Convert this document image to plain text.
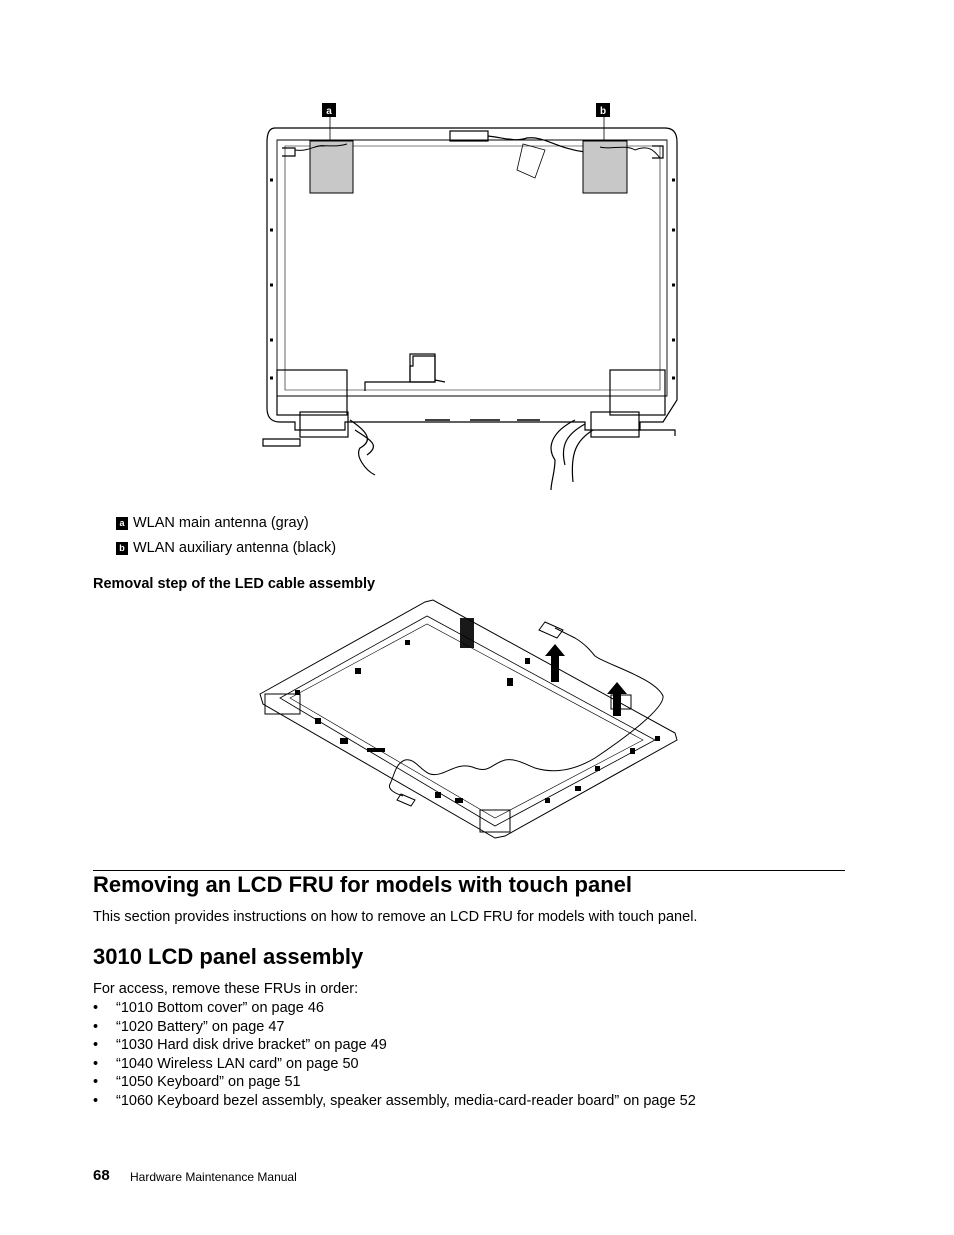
a	b
a WLAN main antenna (gray)
b WLAN auxiliary antenna (black)
Removal step of the LED cable assembly
Removing an LCD FRU for models with touch panel
This section provides instructions on how to remove an LCD FRU for models with touch panel.
3010 LCD panel assembly
For access, remove these FRUs in order:
• “1010 Bottom cover” on page 46
• “1020 Battery” on page 47
• “1030 Hard disk drive bracket” on page 49
• “1040 Wireless LAN card” on page 50
• “1050 Keyboard” on page 51
• “1060 Keyboard bezel assembly, speaker assembly, media-card-reader board” on page 52
68 Hardware Maintenance Manual
